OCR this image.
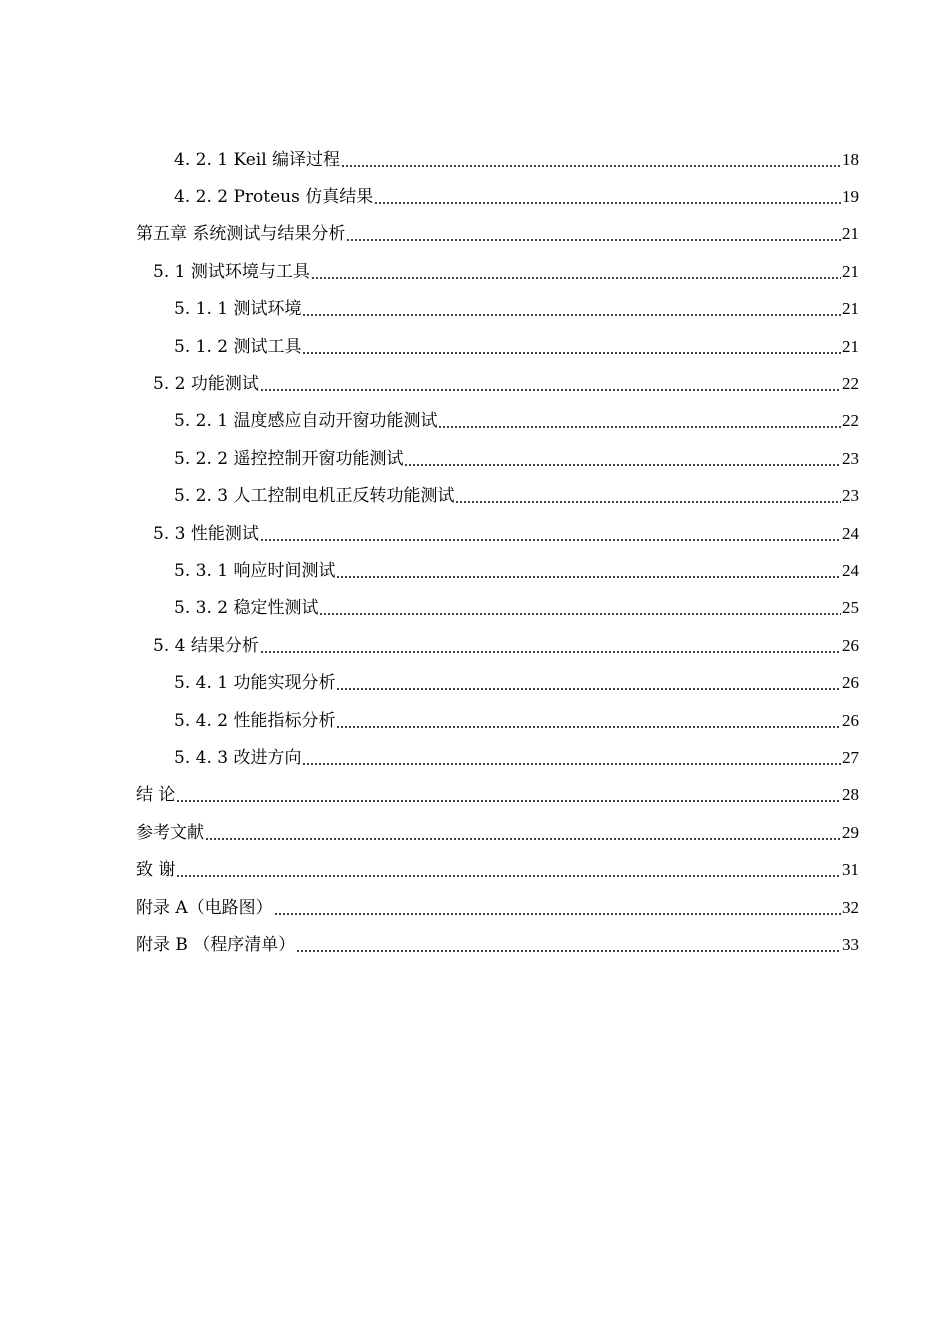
4. 2. 1 Keil 编译过程	18
4. 2. 2 Proteus 仿真结果	19
第五章 系统测试与结果分析	21
5. 1 测试环境与工具	21
5. 1. 1 测试环境	21
5. 1. 2 测试工具	21
5. 2 功能测试	22
5. 2. 1 温度感应自动开窗功能测试	22
5. 2. 2 遥控控制开窗功能测试	23
5. 2. 3 人工控制电机正反转功能测试	23
5. 3 性能测试	24
5. 3. 1 响应时间测试	24
5. 3. 2 稳定性测试	25
5. 4 结果分析	26
5. 4. 1 功能实现分析	26
5. 4. 2 性能指标分析	26
5. 4. 3 改进方向	27
结 论	28
参考文献	29
致 谢	31
附录 A（电路图）	32
附录 B （程序清单）	33
